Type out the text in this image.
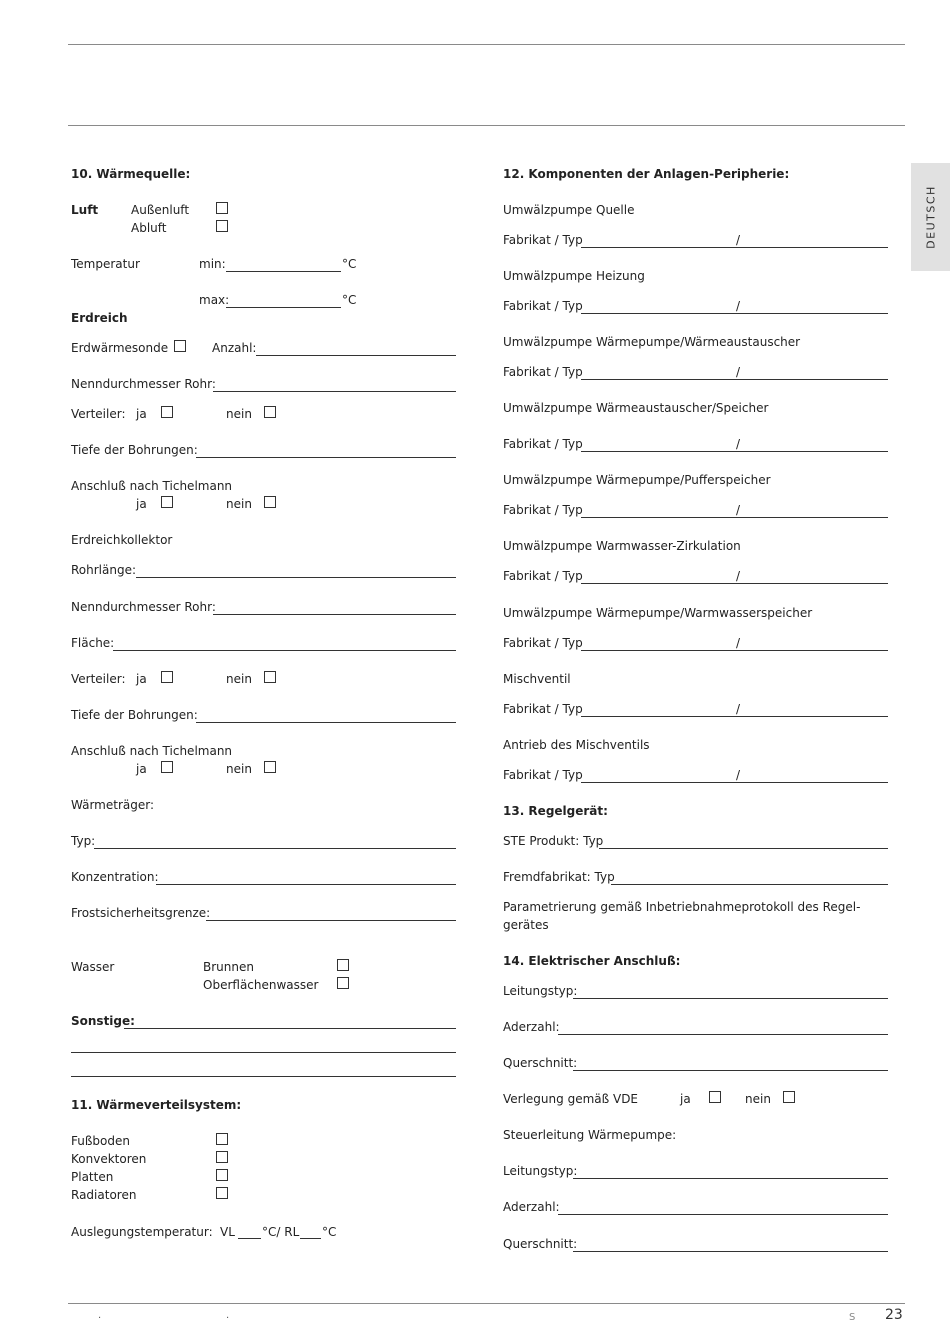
DEUTSCH
10. Wärmequelle:
Luft	Außenluft
Abluft
Temperatur	min:	°C
max:	°C
Erdreich
Erdwärmesonde	Anzahl:
Nenndurchmesser Rohr:
Verteiler: ja	nein
Tiefe der Bohrungen:
Anschluß nach Tichelmann
ja	nein
Erdreichkollektor
Rohrlänge:
Nenndurchmesser Rohr:
Fläche:
Verteiler: ja	nein
Tiefe der Bohrungen:
Anschluß nach Tichelmann
ja	nein
Wärmeträger:
Typ:
Konzentration:
Frostsicherheitsgrenze:
Wasser	Brunnen
Oberflächenwasser
Sonstige:
11. Wärmeverteilsystem:
Fußboden
Konvektoren
Platten
Radiatoren
Auslegungstemperatur: VL °C/ RL °C
12. Komponenten der Anlagen-Peripherie:
Umwälzpumpe Quelle
Fabrikat / Typ	/
Umwälzpumpe Heizung
Fabrikat / Typ	/
Umwälzpumpe Wärmepumpe/Wärmeaustauscher
Fabrikat / Typ	/
Umwälzpumpe Wärmeaustauscher/Speicher
Fabrikat / Typ	/
Umwälzpumpe Wärmepumpe/Pufferspeicher
Fabrikat / Typ	/
Umwälzpumpe Warmwasser-Zirkulation
Fabrikat / Typ	/
Umwälzpumpe Wärmepumpe/Warmwasserspeicher
Fabrikat / Typ	/
Mischventil
Fabrikat / Typ	/
Antrieb des Mischventils
Fabrikat / Typ	/
13. Regelgerät:
STE Produkt: Typ
Fremdfabrikat: Typ
Parametrierung gemäß Inbetriebnahmeprotokoll des Regel-
gerätes
14. Elektrischer Anschluß:
Leitungstyp:
Aderzahl:
Querschnitt:
Verlegung gemäß VDE	ja	nein
Steuerleitung Wärmepumpe:
Leitungstyp:
Aderzahl:
Querschnitt:
.	.	S 23
